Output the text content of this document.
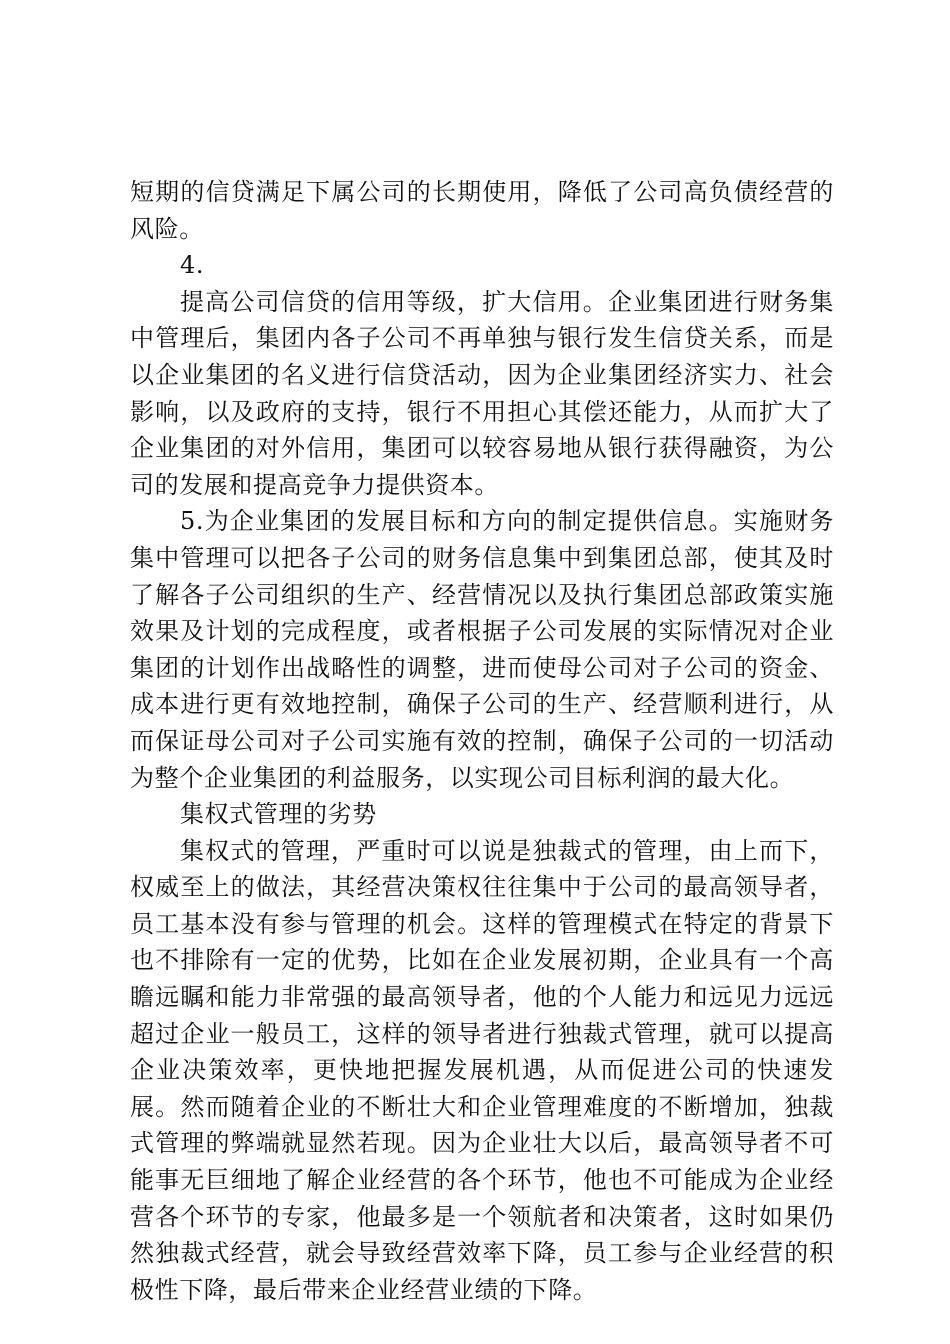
短期的信贷满足下属公司的长期使用，降低了公司高负债经营的风险。

4.

提高公司信贷的信用等级，扩大信用。企业集团进行财务集中管理后，集团内各子公司不再单独与银行发生信贷关系，而是以企业集团的名义进行信贷活动，因为企业集团经济实力、社会影响，以及政府的支持，银行不用担心其偿还能力，从而扩大了企业集团的对外信用，集团可以较容易地从银行获得融资，为公司的发展和提高竞争力提供资本。

5.为企业集团的发展目标和方向的制定提供信息。实施财务集中管理可以把各子公司的财务信息集中到集团总部，使其及时了解各子公司组织的生产、经营情况以及执行集团总部政策实施效果及计划的完成程度，或者根据子公司发展的实际情况对企业集团的计划作出战略性的调整，进而使母公司对子公司的资金、成本进行更有效地控制，确保子公司的生产、经营顺利进行，从而保证母公司对子公司实施有效的控制，确保子公司的一切活动为整个企业集团的利益服务，以实现公司目标利润的最大化。

集权式管理的劣势

集权式的管理，严重时可以说是独裁式的管理，由上而下，权威至上的做法，其经营决策权往往集中于公司的最高领导者，员工基本没有参与管理的机会。这样的管理模式在特定的背景下也不排除有一定的优势，比如在企业发展初期，企业具有一个高瞻远瞩和能力非常强的最高领导者，他的个人能力和远见力远远超过企业一般员工，这样的领导者进行独裁式管理，就可以提高企业决策效率，更快地把握发展机遇，从而促进公司的快速发展。然而随着企业的不断壮大和企业管理难度的不断增加，独裁式管理的弊端就显然若现。因为企业壮大以后，最高领导者不可能事无巨细地了解企业经营的各个环节，他也不可能成为企业经营各个环节的专家，他最多是一个领航者和决策者，这时如果仍然独裁式经营，就会导致经营效率下降，员工参与企业经营的积极性下降，最后带来企业经营业绩的下降。
